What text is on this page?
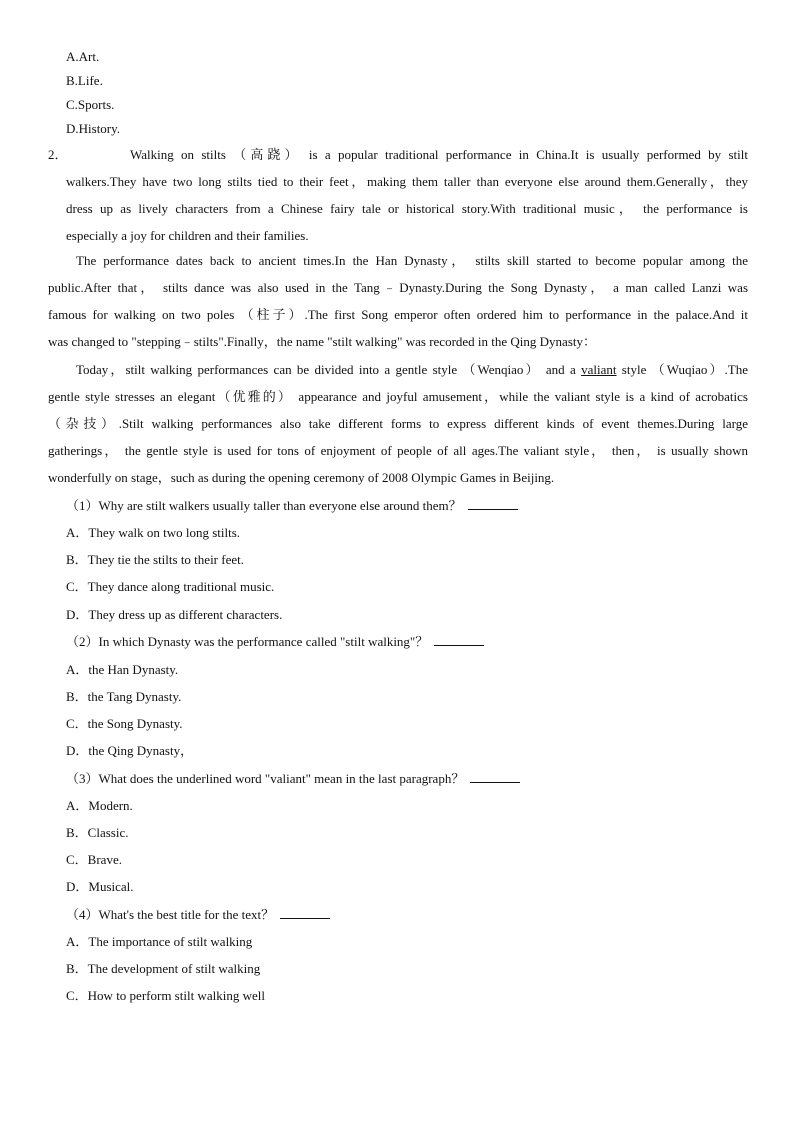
A.Art.
B.Life.
C.Sports.
D.History.
2．	Walking on stilts （高跷） is a popular traditional performance in China.It is usually performed by stilt
walkers.They have two long stilts tied to their feet，making them taller than everyone else around them.Generally，they
dress up as lively characters from a Chinese fairy tale or historical story.With traditional music， the performance is
especially a joy for children and their families.
The performance dates back to ancient times.In the Han Dynasty， stilts skill started to become popular among the
public.After that， stilts dance was also used in the Tang﹣Dynasty.During the Song Dynasty， a man called Lanzi was
famous for walking on two poles （柱子）.The first Song emperor often ordered him to performance in the palace.And it
was changed to "stepping﹣stilts".Finally，the name "stilt walking" was recorded in the Qing Dynasty：
Today，stilt walking performances can be divided into a gentle style （Wenqiao） and a valiant style （Wuqiao）.The
gentle style stresses an elegant（优雅的） appearance and joyful amusement，while the valiant style is a kind of acrobatics
（杂技）.Stilt walking performances also take different forms to express different kinds of event themes.During large
gatherings， the gentle style is used for tons of enjoyment of people of all ages.The valiant style， then， is usually shown
wonderfully on stage，such as during the opening ceremony of 2008 Olympic Games in Beijing.
（1）Why are stilt walkers usually taller than everyone else around them？
A．They walk on two long stilts.
B．They tie the stilts to their feet.
C．They dance along traditional music.
D．They dress up as different characters.
（2）In which Dynasty was the performance called "stilt walking"？
A．the Han Dynasty.
B．the Tang Dynasty.
C．the Song Dynasty.
D．the Qing Dynasty，
（3）What does the underlined word "valiant" mean in the last paragraph？
A．Modern.
B．Classic.
C．Brave.
D．Musical.
（4）What's the best title for the text？
A．The importance of stilt walking
B．The development of stilt walking
C．How to perform stilt walking well
